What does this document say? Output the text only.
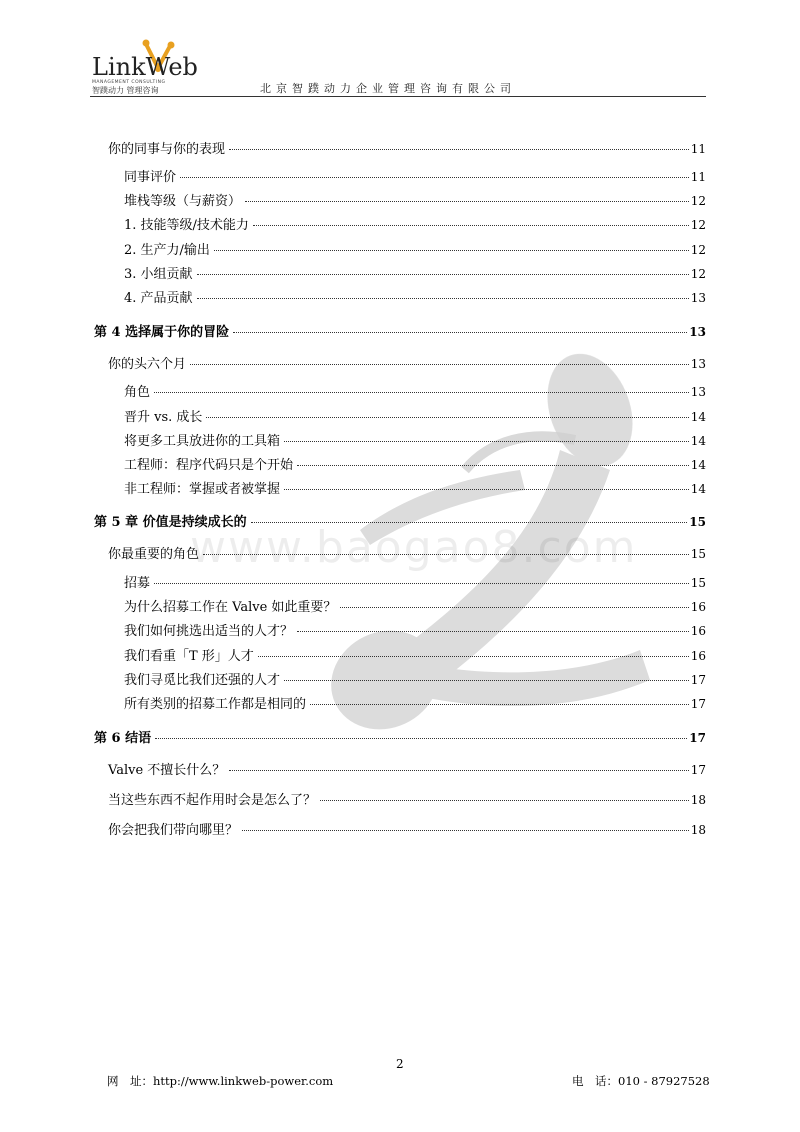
www.baogao8.com
LinkWeb
MANAGEMENT CONSULTING
智蹼动力 管理咨询	北京智蹼动力企业管理咨询有限公司
你的同事与你的表现	11
同事评价	11
堆栈等级（与薪资）	12
1. 技能等级/技术能力	12
2. 生产力/输出	12
3. 小组贡献	12
4. 产品贡献	13
第 4 选择属于你的冒险	13
你的头六个月	13
角色	13
晋升 vs. 成长	14
将更多工具放进你的工具箱	14
工程师：程序代码只是个开始	14
非工程师：掌握或者被掌握	14
第 5 章 价值是持续成长的	15
你最重要的角色	15
招募	15
为什么招募工作在 Valve 如此重要？	16
我们如何挑选出适当的人才？	16
我们看重「T 形」人才	16
我们寻觅比我们还强的人才	17
所有类别的招募工作都是相同的	17
第 6 结语	17
Valve 不擅长什么？	17
当这些东西不起作用时会是怎么了？	18
你会把我们带向哪里？	18
2
网　址：http://www.linkweb-power.com	电　话：010 - 87927528
